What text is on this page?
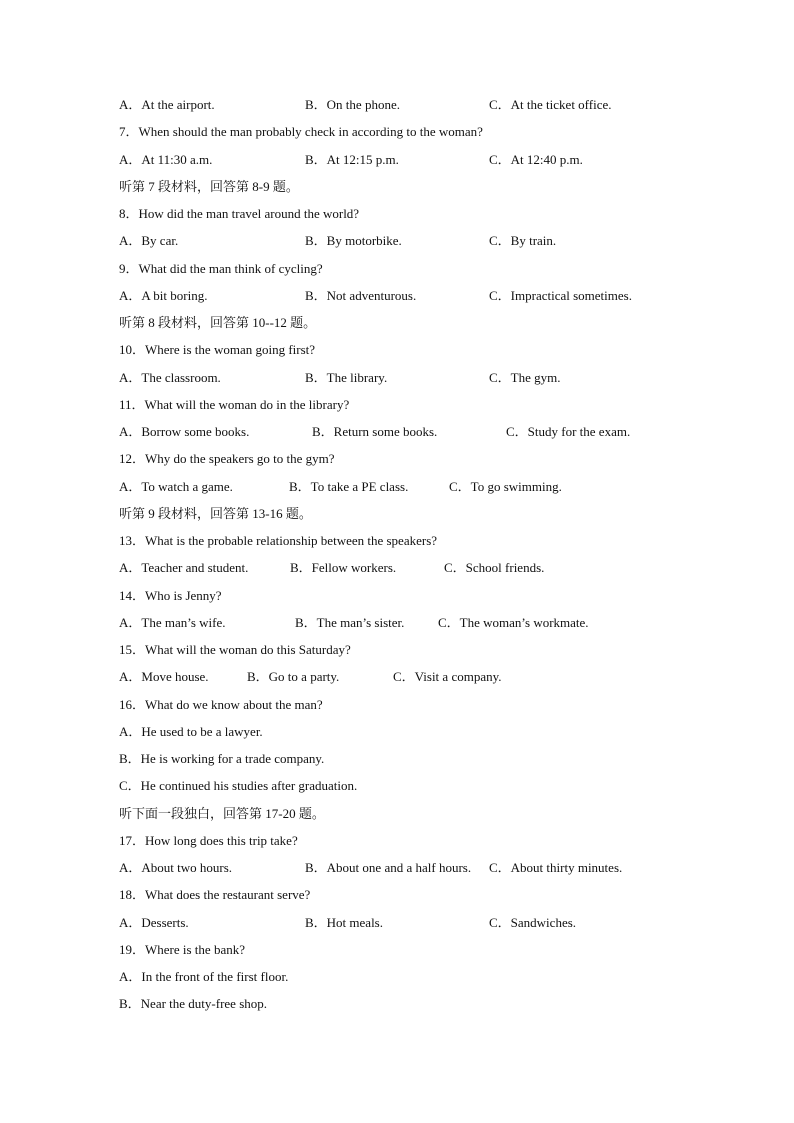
A．At the airport.	B．On the phone.	C．At the ticket office.
7．When should the man probably check in according to the woman?
A．At 11:30 a.m.	B．At 12:15 p.m.	C．At 12:40 p.m.
听第 7 段材料，回答第 8-9 题。
8．How did the man travel around the world?
A．By car.	B．By motorbike.	C．By train.
9．What did the man think of cycling?
A．A bit boring.	B．Not adventurous.	C．Impractical sometimes.
听第 8 段材料，回答第 10--12 题。
10．Where is the woman going first?
A．The classroom.	B．The library.	C．The gym.
11．What will the woman do in the library?
A．Borrow some books.	B．Return some books.	C．Study for the exam.
12．Why do the speakers go to the gym?
A．To watch a game.	B．To take a PE class.	C．To go swimming.
听第 9 段材料，回答第 13-16 题。
13．What is the probable relationship between the speakers?
A．Teacher and student.	B．Fellow workers.	C．School friends.
14．Who is Jenny?
A．The man’s wife.	B．The man’s sister.	C．The woman’s workmate.
15．What will the woman do this Saturday?
A．Move house.	B．Go to a party.	C．Visit a company.
16．What do we know about the man?
A．He used to be a lawyer.
B．He is working for a trade company.
C．He continued his studies after graduation.
听下面一段独白，回答第 17-20 题。
17．How long does this trip take?
A．About two hours.	B．About one and a half hours. C．About thirty minutes.
18．What does the restaurant serve?
A．Desserts.	B．Hot meals.	C．Sandwiches.
19．Where is the bank?
A．In the front of the first floor.
B．Near the duty-free shop.
